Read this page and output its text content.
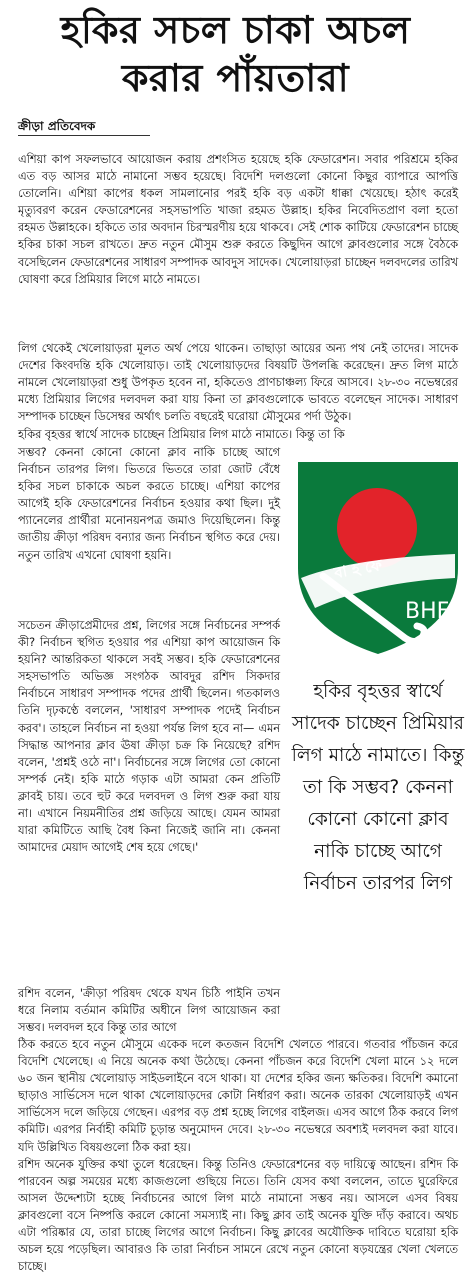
হকির সচল চাকা অচল
করার পাঁয়তারা
ক্রীড়া প্রতিবেদক

এশিয়া কাপ সফলভাবে আয়োজন করায় প্রশংসিত হয়েছে হকি ফেডারেশন। সবার পরিশ্রমে হকির এত বড় আসর মাঠে নামানো সম্ভব হয়েছে। বিদেশি দলগুলো কোনো কিছুর ব্যাপারে আপত্তি তোলেনি। এশিয়া কাপের ধকল সামলানোর পরই হকি বড় একটা ধাক্কা খেয়েছে। হঠাৎ করেই মৃত্যুবরণ করেন ফেডারেশনের সহসভাপতি খাজা রহমত উল্লাহ। হকির নিবেদিতপ্রাণ বলা হতো রহমত উল্লাহকে। হকিতে তার অবদান চিরস্মরণীয় হয়ে থাকবে। সেই শোক কাটিয়ে ফেডারেশন চাচ্ছে হকির চাকা সচল রাখতে। দ্রুত নতুন মৌসুম শুরু করতে কিছুদিন আগে ক্লাবগুলোর সঙ্গে বৈঠকে বসেছিলেন ফেডারেশনের সাধারণ সম্পাদক আবদুস সাদেক। খেলোয়াড়রা চাচ্ছেন দলবদলের তারিখ ঘোষণা করে প্রিমিয়ার লিগে মাঠে নামতে।

লিগ থেকেই খেলোয়াড়রা মূলত অর্থ পেয়ে থাকেন। তাছাড়া আয়ের অন্য পথ নেই তাদের। সাদেক দেশের কিংবদন্তি হকি খেলোয়াড়। তাই খেলোয়াড়দের বিষয়টি উপলব্ধি করেছেন। দ্রুত লিগ মাঠে নামলে খেলোয়াড়রা শুধু উপকৃত হবেন না, হকিতেও প্রাণচাঞ্চল্য ফিরে আসবে। ২৮-৩০ নভেম্বরের মধ্যে প্রিমিয়ার লিগের দলবদল করা যায় কিনা তা ক্লাবগুলোকে ভাবতে বলেছেন সাদেক। সাধারণ সম্পাদক চাচ্ছেন ডিসেম্বর অর্থাৎ চলতি বছরেই ঘরোয়া মৌসুমের পর্দা উঠুক।

হকির বৃহত্তর স্বার্থে সাদেক চাচ্ছেন প্রিমিয়ার লিগ মাঠে নামাতে। কিন্তু তা কি

সম্ভব? কেননা কোনো কোনো ক্লাব নাকি চাচ্ছে আগে নির্বাচন তারপর লিগ। ভিতরে ভিতরে তারা জোট বেঁধে হকির সচল চাকাকে অচল করতে চাচ্ছে। এশিয়া কাপের আগেই হকি ফেডারেশনের নির্বাচন হওয়ার কথা ছিল। দুই প্যানেলের প্রার্থীরা মনোনয়নপত্র জমাও দিয়েছিলেন। কিন্তু জাতীয় ক্রীড়া পরিষদ বন্যার জন্য নির্বাচন স্থগিত করে দেয়। নতুন তারিখ এখনো ঘোষণা হয়নি।

সচেতন ক্রীড়াপ্রেমীদের প্রশ্ন, লিগের সঙ্গে নির্বাচনের সম্পর্ক কী? নির্বাচন স্থগিত হওয়ার পর এশিয়া কাপ আয়োজন কি হয়নি? আন্তরিকতা থাকলে সবই সম্ভব। হকি ফেডারেশনের সহসভাপতি অভিজ্ঞ সংগঠক আবদুর রশিদ সিকদার নির্বাচনে সাধারণ সম্পাদক পদের প্রার্থী ছিলেন। গতকালও তিনি দৃঢ়কণ্ঠে বললেন, 'সাধারণ সম্পাদক পদেই নির্বাচন করব'। তাহলে নির্বাচন না হওয়া পর্যন্ত লিগ হবে না— এমন সিদ্ধান্ত আপনার ক্লাব ঊষা ক্রীড়া চক্র কি নিয়েছে? রশিদ বলেন, 'প্রশ্নই ওঠে না'। নির্বাচনের সঙ্গে লিগের তো কোনো সম্পর্ক নেই। হকি মাঠে গড়াক এটা আমরা কেন প্রতিটি ক্লাবই চায়। তবে হুট করে দলবদল ও লিগ শুরু করা যায় না। এখানে নিয়মনীতির প্রশ্ন জড়িয়ে আছে। যেমন আমরা যারা কমিটিতে আছি বৈধ কিনা নিজেই জানি না। কেননা আমাদের মেয়াদ আগেই শেষ হয়ে গেছে।'

রশিদ বলেন, 'ক্রীড়া পরিষদ থেকে যখন চিঠি পাইনি তখন ধরে নিলাম বর্তমান কমিটির অধীনে লিগ আয়োজন করা সম্ভব। দলবদল হবে কিন্তু তার আগে

বা হ ফে
BHF
হকির বৃহত্তর স্বার্থে সাদেক চাচ্ছেন প্রিমিয়ার লিগ মাঠে নামাতে। কিন্তু তা কি সম্ভব? কেননা কোনো কোনো ক্লাব নাকি চাচ্ছে আগে নির্বাচন তারপর লিগ

ঠিক করতে হবে নতুন মৌসুমে একেক দলে কতজন বিদেশি খেলতে পারবে। গতবার পাঁচজন করে বিদেশি খেলেছে। এ নিয়ে অনেক কথা উঠেছে। কেননা পাঁচজন করে বিদেশি খেলা মানে ১২ দলে ৬০ জন স্থানীয় খেলোয়াড় সাইডলাইনে বসে থাকা। যা দেশের হকির জন্য ক্ষতিকর। বিদেশি কমানো ছাড়াও সার্ভিসেস দলে থাকা খেলোয়াড়দের কোটা নির্ধারণ করা। অনেক তারকা খেলোয়াড়ই এখন সার্ভিসেস দলে জড়িয়ে গেছেন। এরপর বড় প্রশ্ন হচ্ছে লিগের বাইলজ। এসব আগে ঠিক করবে লিগ কমিটি। এরপর নির্বাহী কমিটি চূড়ান্ত অনুমোদন দেবে। ২৮-৩০ নভেম্বরে অবশ্যই দলবদল করা যাবে। যদি উল্লিখিত বিষয়গুলো ঠিক করা হয়।

রশিদ অনেক যুক্তির কথা তুলে ধরেছেন। কিন্তু তিনিও ফেডারেশনের বড় দায়িত্বে আছেন। রশিদ কি পারবেন অল্প সময়ের মধ্যে কাজগুলো গুছিয়ে নিতে। তিনি যেসব কথা বললেন, তাতে ঘুরেফিরে আসল উদ্দেশ্যটা হচ্ছে নির্বাচনের আগে লিগ মাঠে নামানো সম্ভব নয়। আসলে এসব বিষয় ক্লাবগুলো বসে নিষ্পত্তি করলে কোনো সমস্যাই না। কিছু ক্লাব তাই অনেক যুক্তি দাঁড় করাবে। অথচ এটা পরিষ্কার যে, তারা চাচ্ছে লিগের আগে নির্বাচন। কিছু ক্লাবের অযৌক্তিক দাবিতে ঘরোয়া হকি অচল হয়ে পড়েছিল। আবারও কি তারা নির্বাচন সামনে রেখে নতুন কোনো ষড়যন্ত্রের খেলা খেলতে চাচ্ছে।
